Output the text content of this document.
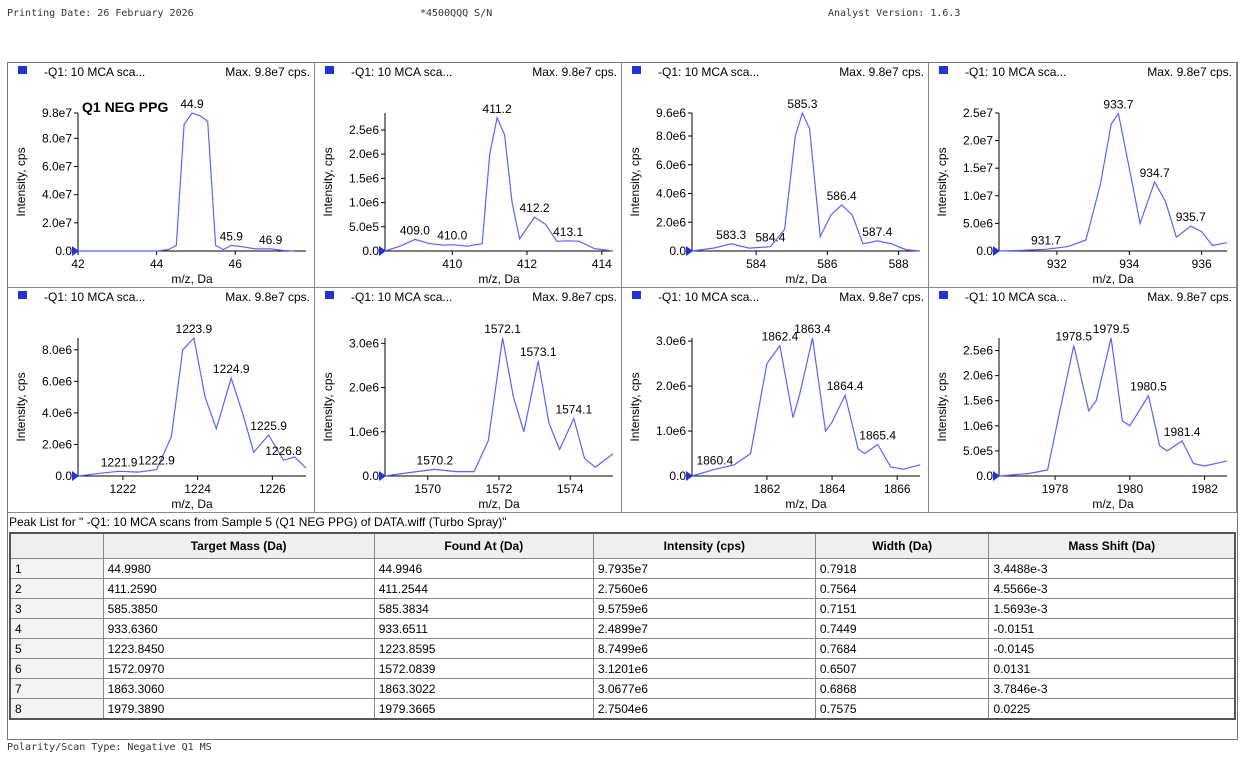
Printing Date: 26 February 2026	*4500QQQ S/N	Analyst Version: 1.6.3
-Q1: 10 MCA sca...	Max. 9.8e7 cps.
Q1 NEG PPG
0.0
2.0e7
4.0e7
6.0e7
8.0e7
9.8e7
42	44	46
m/z, Da
Intensity, cps
44.9
45.9 46.9
-Q1: 10 MCA sca...	Max. 9.8e7 cps.
0.0
5.0e5
1.0e6
1.5e6
2.0e6
2.5e6
410	412	414
m/z, Da
Intensity, cps
409.0 410.0
411.2
412.2
413.1
-Q1: 10 MCA sca...	Max. 9.8e7 cps.
0.0
2.0e6
4.0e6
6.0e6
8.0e6
9.6e6
584	586	588
m/z, Da
Intensity, cps
583.3 584.4
585.3
586.4
587.4
-Q1: 10 MCA sca...	Max. 9.8e7 cps.
0.0
5.0e6
1.0e7
1.5e7
2.0e7
2.5e7
932	934	936
m/z, Da
Intensity, cps
931.7
933.7
934.7
935.7
-Q1: 10 MCA sca...	Max. 9.8e7 cps.
0.0
2.0e6
4.0e6
6.0e6
8.0e6
1222	1224	1226
m/z, Da
Intensity, cps
1221.9 1222.9
1223.9
1224.9
1225.9
1226.8
-Q1: 10 MCA sca...	Max. 9.8e7 cps.
0.0
1.0e6
2.0e6
3.0e6
1570	1572	1574
m/z, Da
Intensity, cps
1570.2
1572.1
1573.1
1574.1
-Q1: 10 MCA sca...	Max. 9.8e7 cps.
0.0
1.0e6
2.0e6
3.0e6
1862	1864	1866
m/z, Da
Intensity, cps
1860.4
1862.4
1863.4
1864.4
1865.4
-Q1: 10 MCA sca...	Max. 9.8e7 cps.
0.0
5.0e5
1.0e6
1.5e6
2.0e6
2.5e6
1978	1980	1982
m/z, Da
Intensity, cps
1978.5
1979.5
1980.5
1981.4
Peak List for " -Q1: 10 MCA scans from Sample 5 (Q1 NEG PPG) of DATA.wiff (Turbo Spray)"
	Target Mass (Da)	Found At (Da)	Intensity (cps)	Width (Da)	Mass Shift (Da)
1	44.9980	44.9946	9.7935e7	0.7918	3.4488e-3
2	411.2590	411.2544	2.7560e6	0.7564	4.5566e-3
3	585.3850	585.3834	9.5759e6	0.7151	1.5693e-3
4	933.6360	933.6511	2.4899e7	0.7449	-0.0151
5	1223.8450	1223.8595	8.7499e6	0.7684	-0.0145
6	1572.0970	1572.0839	3.1201e6	0.6507	0.0131
7	1863.3060	1863.3022	3.0677e6	0.6868	3.7846e-3
8	1979.3890	1979.3665	2.7504e6	0.7575	0.0225
Polarity/Scan Type: Negative Q1 MS
